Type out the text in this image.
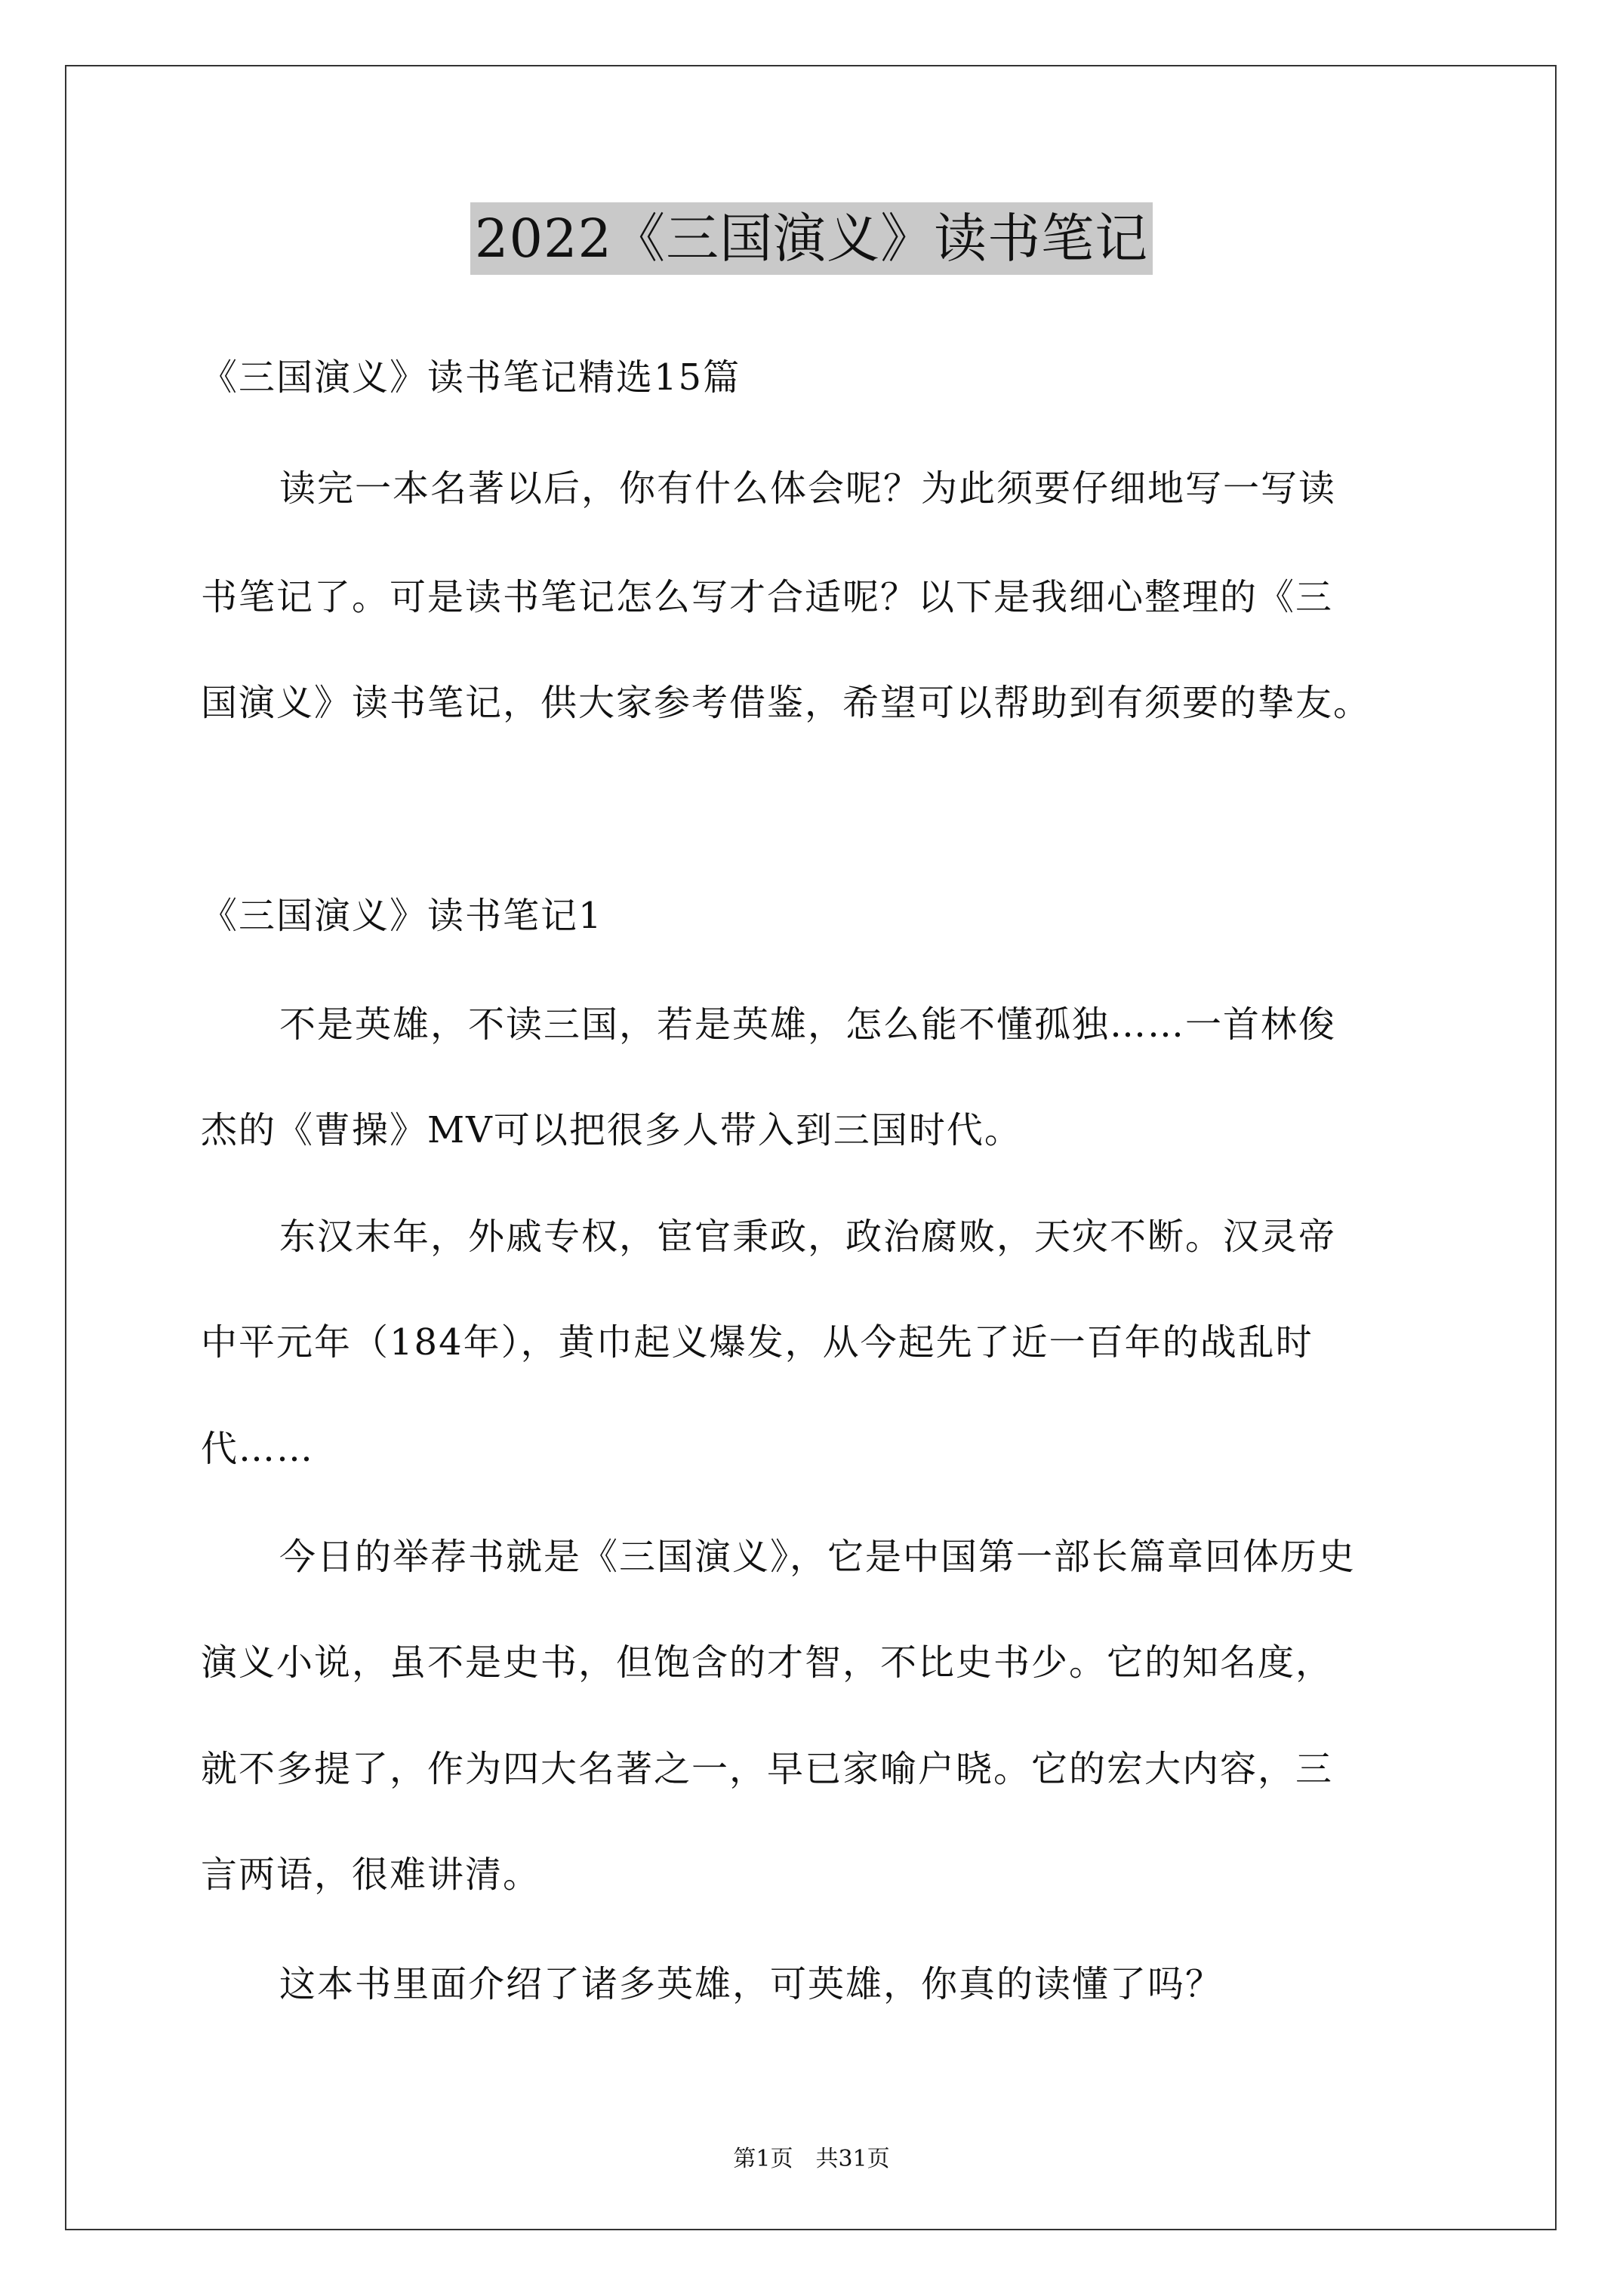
2022《三国演义》读书笔记
《三国演义》读书笔记精选15篇
读完一本名著以后，你有什么体会呢？为此须要仔细地写一写读
书笔记了。可是读书笔记怎么写才合适呢？以下是我细心整理的《三
国演义》读书笔记，供大家参考借鉴，希望可以帮助到有须要的挚友。
《三国演义》读书笔记1
不是英雄，不读三国，若是英雄，怎么能不懂孤独……一首林俊
杰的《曹操》MV可以把很多人带入到三国时代。
东汉末年，外戚专权，宦官秉政，政治腐败，天灾不断。汉灵帝
中平元年（184年），黄巾起义爆发，从今起先了近一百年的战乱时
代……
今日的举荐书就是《三国演义》，它是中国第一部长篇章回体历史
演义小说，虽不是史书，但饱含的才智，不比史书少。它的知名度，
就不多提了，作为四大名著之一，早已家喻户晓。它的宏大内容，三
言两语，很难讲清。
这本书里面介绍了诸多英雄，可英雄，你真的读懂了吗？
第1页　共31页
